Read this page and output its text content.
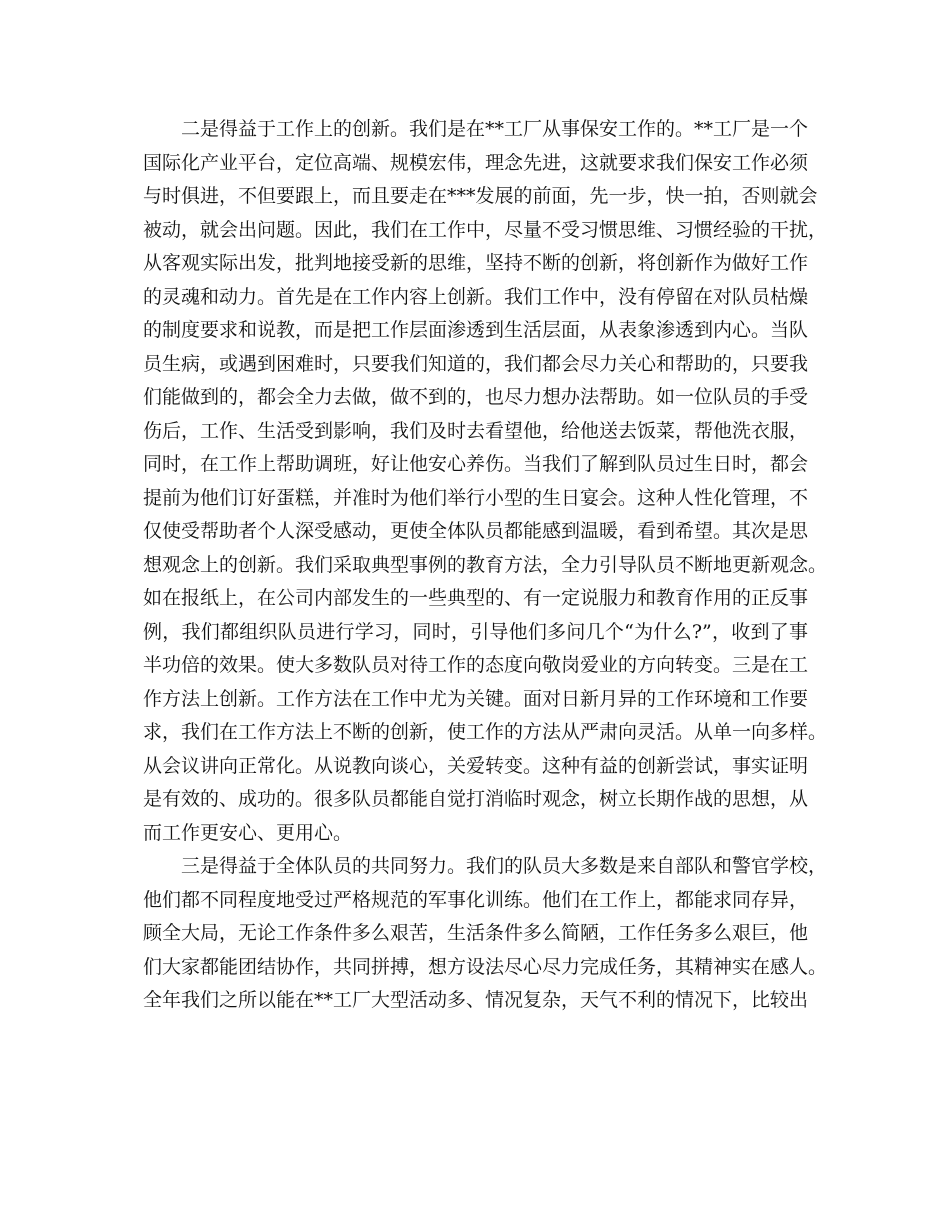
二是得益于工作上的创新。我们是在**工厂从事保安工作的。**工厂是一个
国际化产业平台，定位高端、规模宏伟，理念先进，这就要求我们保安工作必须
与时俱进，不但要跟上，而且要走在***发展的前面，先一步，快一拍，否则就会
被动，就会出问题。因此，我们在工作中，尽量不受习惯思维、习惯经验的干扰，
从客观实际出发，批判地接受新的思维，坚持不断的创新，将创新作为做好工作
的灵魂和动力。首先是在工作内容上创新。我们工作中，没有停留在对队员枯燥
的制度要求和说教，而是把工作层面渗透到生活层面，从表象渗透到内心。当队
员生病，或遇到困难时，只要我们知道的，我们都会尽力关心和帮助的，只要我
们能做到的，都会全力去做，做不到的，也尽力想办法帮助。如一位队员的手受
伤后，工作、生活受到影响，我们及时去看望他，给他送去饭菜，帮他洗衣服，
同时，在工作上帮助调班，好让他安心养伤。当我们了解到队员过生日时，都会
提前为他们订好蛋糕，并准时为他们举行小型的生日宴会。这种人性化管理，不
仅使受帮助者个人深受感动，更使全体队员都能感到温暖，看到希望。其次是思
想观念上的创新。我们采取典型事例的教育方法，全力引导队员不断地更新观念。
如在报纸上，在公司内部发生的一些典型的、有一定说服力和教育作用的正反事
例，我们都组织队员进行学习，同时，引导他们多问几个“为什么?”，收到了事
半功倍的效果。使大多数队员对待工作的态度向敬岗爱业的方向转变。三是在工
作方法上创新。工作方法在工作中尤为关键。面对日新月异的工作环境和工作要
求，我们在工作方法上不断的创新，使工作的方法从严肃向灵活。从单一向多样。
从会议讲向正常化。从说教向谈心，关爱转变。这种有益的创新尝试，事实证明
是有效的、成功的。很多队员都能自觉打消临时观念，树立长期作战的思想，从
而工作更安心、更用心。
三是得益于全体队员的共同努力。我们的队员大多数是来自部队和警官学校，
他们都不同程度地受过严格规范的军事化训练。他们在工作上，都能求同存异，
顾全大局，无论工作条件多么艰苦，生活条件多么简陋，工作任务多么艰巨，他
们大家都能团结协作，共同拼搏，想方设法尽心尽力完成任务，其精神实在感人。
全年我们之所以能在**工厂大型活动多、情况复杂，天气不利的情况下，比较出
